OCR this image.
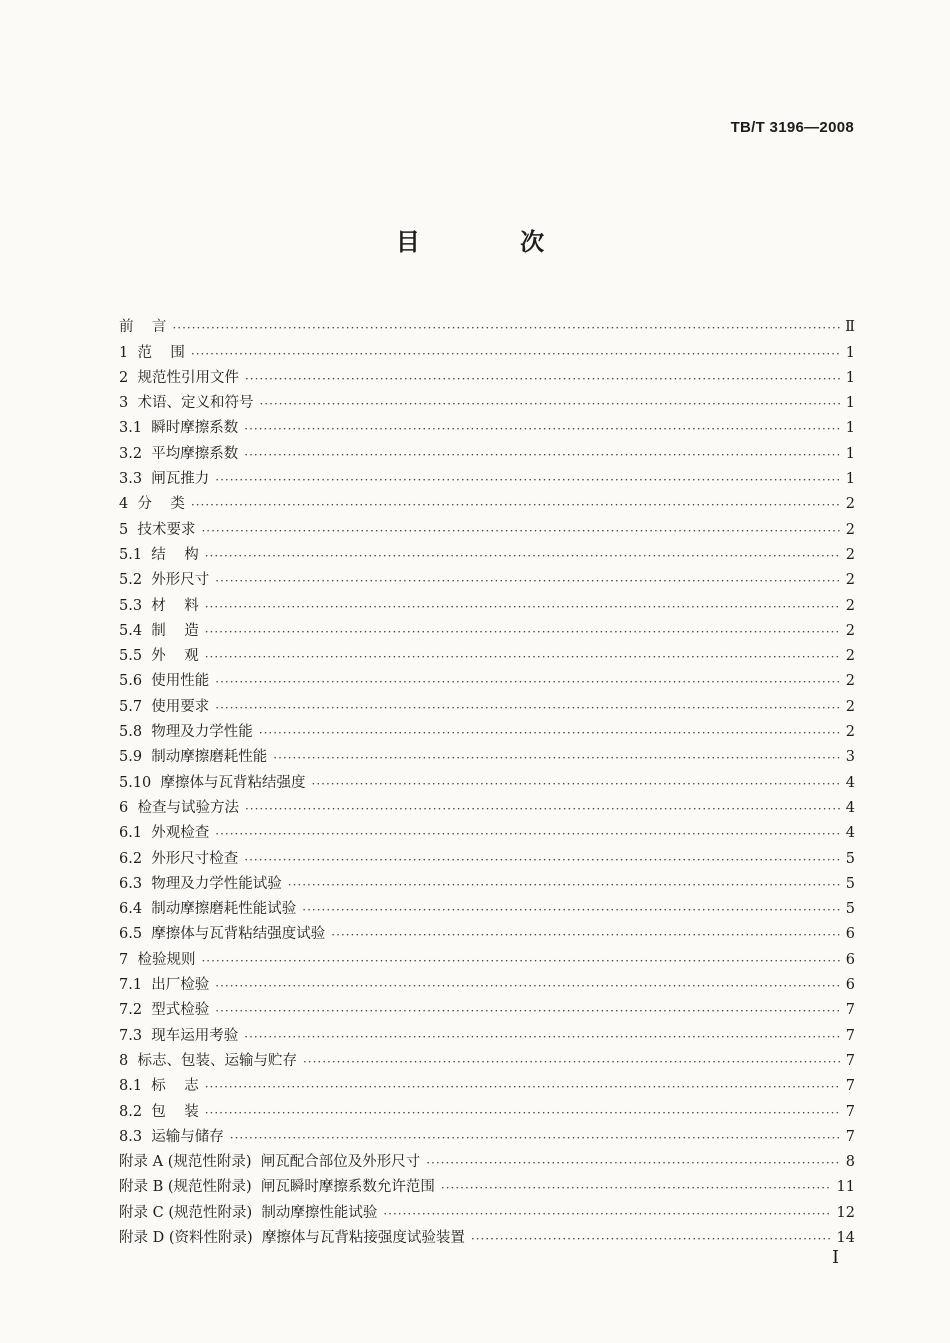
TB/T 3196—2008
目 次
前    言 ·····	Ⅱ
1 范    围 ·····	1
2 规范性引用文件 ·····	1
3 术语、定义和符号 ·····	1
3.1 瞬时摩擦系数 ·····	1
3.2 平均摩擦系数 ·····	1
3.3 闸瓦推力 ·····	1
4 分    类 ·····	2
5 技术要求 ·····	2
5.1 结    构 ·····	2
5.2 外形尺寸 ·····	2
5.3 材    料 ·····	2
5.4 制    造 ·····	2
5.5 外    观 ·····	2
5.6 使用性能 ·····	2
5.7 使用要求 ·····	2
5.8 物理及力学性能 ·····	2
5.9 制动摩擦磨耗性能 ·····	3
5.10 摩擦体与瓦背粘结强度 ·····	4
6 检查与试验方法 ·····	4
6.1 外观检查 ·····	4
6.2 外形尺寸检查 ·····	5
6.3 物理及力学性能试验 ·····	5
6.4 制动摩擦磨耗性能试验 ·····	5
6.5 摩擦体与瓦背粘结强度试验 ·····	6
7 检验规则 ·····	6
7.1 出厂检验 ·····	6
7.2 型式检验 ·····	7
7.3 现车运用考验 ·····	7
8 标志、包装、运输与贮存 ·····	7
8.1 标    志 ·····	7
8.2 包    装 ·····	7
8.3 运输与储存 ·····	7
附录 A (规范性附录)  闸瓦配合部位及外形尺寸 ·····	8
附录 B (规范性附录)  闸瓦瞬时摩擦系数允许范围 ·····	11
附录 C (规范性附录)  制动摩擦性能试验 ·····	12
附录 D (资料性附录)  摩擦体与瓦背粘接强度试验装置 ·····	14
Ⅰ
